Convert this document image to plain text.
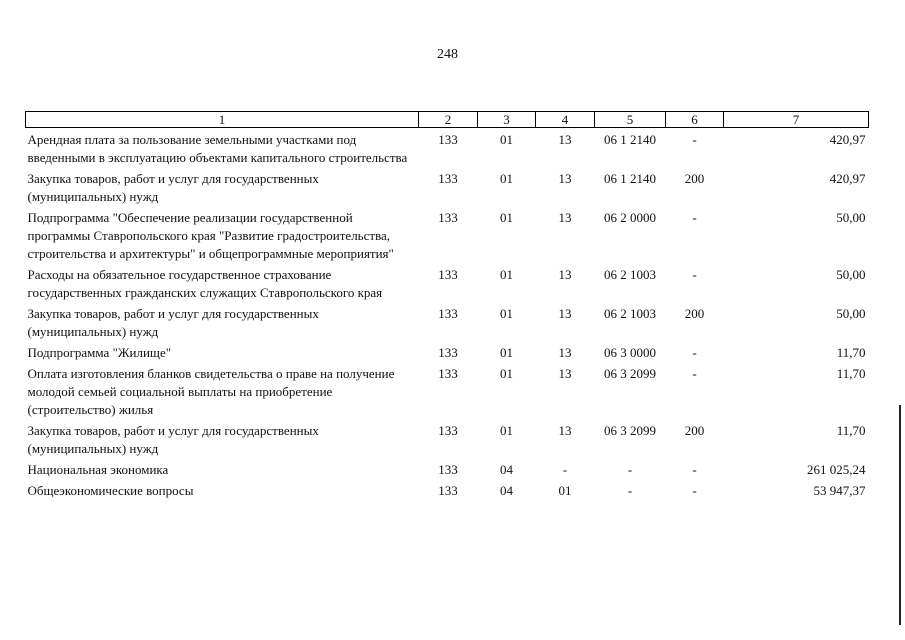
248
1	2	3	4	5	6	7
Арендная плата за пользование земельными участками под введенными в эксплуатацию объектами капитального строительства	133	01	13	06 1 2140	-	420,97
Закупка товаров, работ и услуг для государственных (муниципальных) нужд	133	01	13	06 1 2140	200	420,97
Подпрограмма "Обеспечение реализации государственной программы Ставропольского края "Развитие градостроительства, строительства и архитектуры" и общепрограммные мероприятия"	133	01	13	06 2 0000	-	50,00
Расходы на обязательное государственное страхование государственных гражданских служащих Ставропольского края	133	01	13	06 2 1003	-	50,00
Закупка товаров, работ и услуг для государственных (муниципальных) нужд	133	01	13	06 2 1003	200	50,00
Подпрограмма "Жилище"	133	01	13	06 3 0000	-	11,70
Оплата изготовления бланков свидетельства о праве на получение молодой семьей социальной выплаты на приобретение (строительство) жилья	133	01	13	06 3 2099	-	11,70
Закупка товаров, работ и услуг для государственных (муниципальных) нужд	133	01	13	06 3 2099	200	11,70
Национальная экономика	133	04	-	-	-	261 025,24
Общеэкономические вопросы	133	04	01	-	-	53 947,37
